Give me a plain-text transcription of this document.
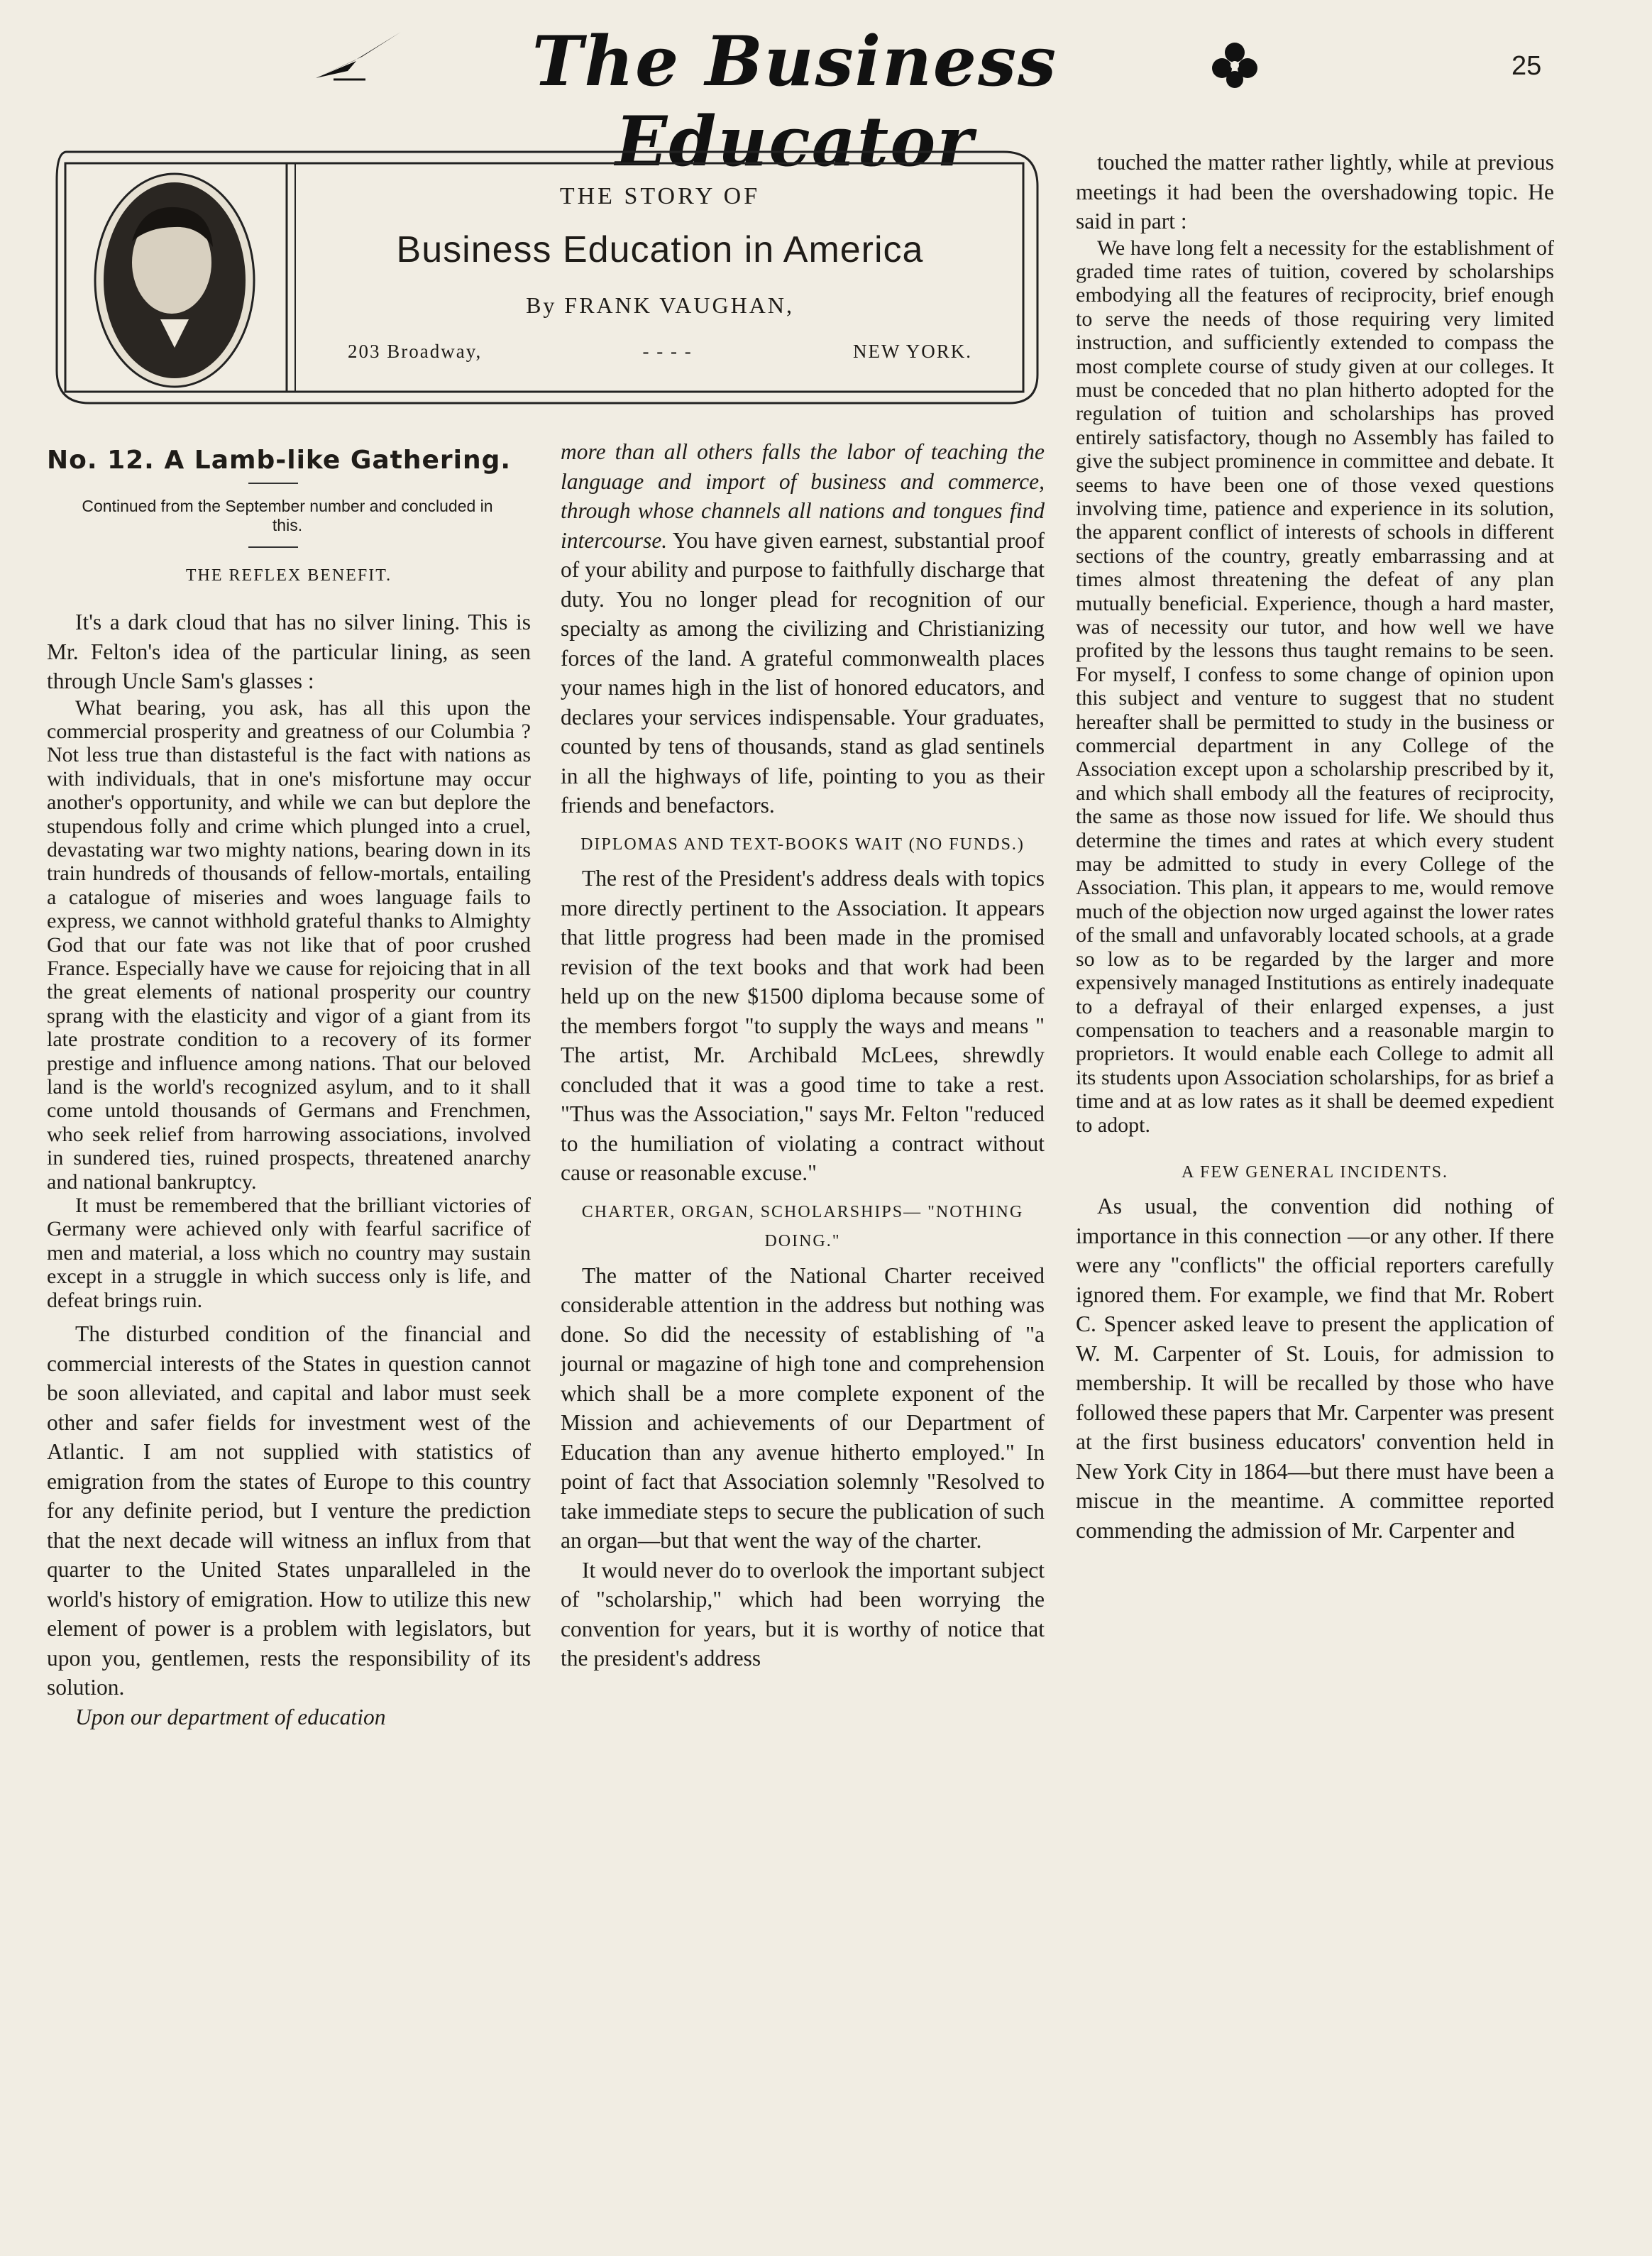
The Business Educator
25
THE STORY OF
Business Education in America
By FRANK VAUGHAN,
203 Broadway,	- - - -	NEW YORK.
No. 12. A Lamb-like Gathering.
Continued from the September number and concluded in this.
THE REFLEX BENEFIT.

It's a dark cloud that has no silver lining. This is Mr. Felton's idea of the particular lining, as seen through Uncle Sam's glasses :

What bearing, you ask, has all this upon the commercial prosperity and greatness of our Columbia ? Not less true than distasteful is the fact with nations as with individuals, that in one's misfortune may occur another's opportunity, and while we can but deplore the stupendous folly and crime which plunged into a cruel, devastating war two mighty nations, bearing down in its train hundreds of thousands of fellow-mortals, entailing a catalogue of miseries and woes language fails to express, we cannot withhold grateful thanks to Almighty God that our fate was not like that of poor crushed France. Especially have we cause for rejoicing that in all the great elements of national prosperity our country sprang with the elasticity and vigor of a giant from its late prostrate condition to a recovery of its former prestige and influence among nations. That our beloved land is the world's recognized asylum, and to it shall come untold thousands of Germans and Frenchmen, who seek relief from harrowing associations, involved in sundered ties, ruined prospects, threatened anarchy and national bankruptcy.

It must be remembered that the brilliant victories of Germany were achieved only with fearful sacrifice of men and material, a loss which no country may sustain except in a struggle in which success only is life, and defeat brings ruin.

The disturbed condition of the financial and commercial interests of the States in question cannot be soon alleviated, and capital and labor must seek other and safer fields for investment west of the Atlantic. I am not supplied with statistics of emigration from the states of Europe to this country for any definite period, but I venture the prediction that the next decade will witness an influx from that quarter to the United States unparalleled in the world's history of emigration. How to utilize this new element of power is a problem with legislators, but upon you, gentlemen, rests the responsibility of its solution.

Upon our department of education

more than all others falls the labor of teaching the language and import of business and commerce, through whose channels all nations and tongues find intercourse. You have given earnest, substantial proof of your ability and purpose to faithfully discharge that duty. You no longer plead for recognition of our specialty as among the civilizing and Christianizing forces of the land. A grateful commonwealth places your names high in the list of honored educators, and declares your services indispensable. Your graduates, counted by tens of thousands, stand as glad sentinels in all the highways of life, pointing to you as their friends and benefactors.

DIPLOMAS AND TEXT-BOOKS WAIT (NO FUNDS.)

The rest of the President's address deals with topics more directly pertinent to the Association. It appears that little progress had been made in the promised revision of the text books and that work had been held up on the new $1500 diploma because some of the members forgot "to supply the ways and means " The artist, Mr. Archibald McLees, shrewdly concluded that it was a good time to take a rest. "Thus was the Association," says Mr. Felton "reduced to the humiliation of violating a contract without cause or reasonable excuse."

CHARTER, ORGAN, SCHOLARSHIPS— "NOTHING DOING."

The matter of the National Charter received considerable attention in the address but nothing was done. So did the necessity of establishing of "a journal or magazine of high tone and comprehension which shall be a more complete exponent of the Mission and achievements of our Department of Education than any avenue hitherto employed." In point of fact that Association solemnly "Resolved to take immediate steps to secure the publication of such an organ—but that went the way of the charter.

It would never do to overlook the important subject of "scholarship," which had been worrying the convention for years, but it is worthy of notice that the president's address

touched the matter rather lightly, while at previous meetings it had been the overshadowing topic. He said in part :

We have long felt a necessity for the establishment of graded time rates of tuition, covered by scholarships embodying all the features of reciprocity, brief enough to serve the needs of those requiring very limited instruction, and sufficiently extended to compass the most complete course of study given at our colleges. It must be conceded that no plan hitherto adopted for the regulation of tuition and scholarships has proved entirely satisfactory, though no Assembly has failed to give the subject prominence in committee and debate. It seems to have been one of those vexed questions involving time, patience and experience in its solution, the apparent conflict of interests of schools in different sections of the country, greatly embarrassing and at times almost threatening the defeat of any plan mutually beneficial. Experience, though a hard master, was of necessity our tutor, and how well we have profited by the lessons thus taught remains to be seen. For myself, I confess to some change of opinion upon this subject and venture to suggest that no student hereafter shall be permitted to study in the business or commercial department in any College of the Association except upon a scholarship prescribed by it, and which shall embody all the features of reciprocity, the same as those now issued for life. We should thus determine the times and rates at which every student may be admitted to study in every College of the Association. This plan, it appears to me, would remove much of the objection now urged against the lower rates of the small and unfavorably located schools, at a grade so low as to be regarded by the larger and more expensively managed Institutions as entirely inadequate to a defrayal of their enlarged expenses, a just compensation to teachers and a reasonable margin to proprietors. It would enable each College to admit all its students upon Association scholarships, for as brief a time and at as low rates as it shall be deemed expedient to adopt.

A FEW GENERAL INCIDENTS.

As usual, the convention did nothing of importance in this connection —or any other. If there were any "conflicts" the official reporters carefully ignored them. For example, we find that Mr. Robert C. Spencer asked leave to present the application of W. M. Carpenter of St. Louis, for admission to membership. It will be recalled by those who have followed these papers that Mr. Carpenter was present at the first business educators' convention held in New York City in 1864—but there must have been a miscue in the meantime. A committee reported commending the admission of Mr. Carpenter and
